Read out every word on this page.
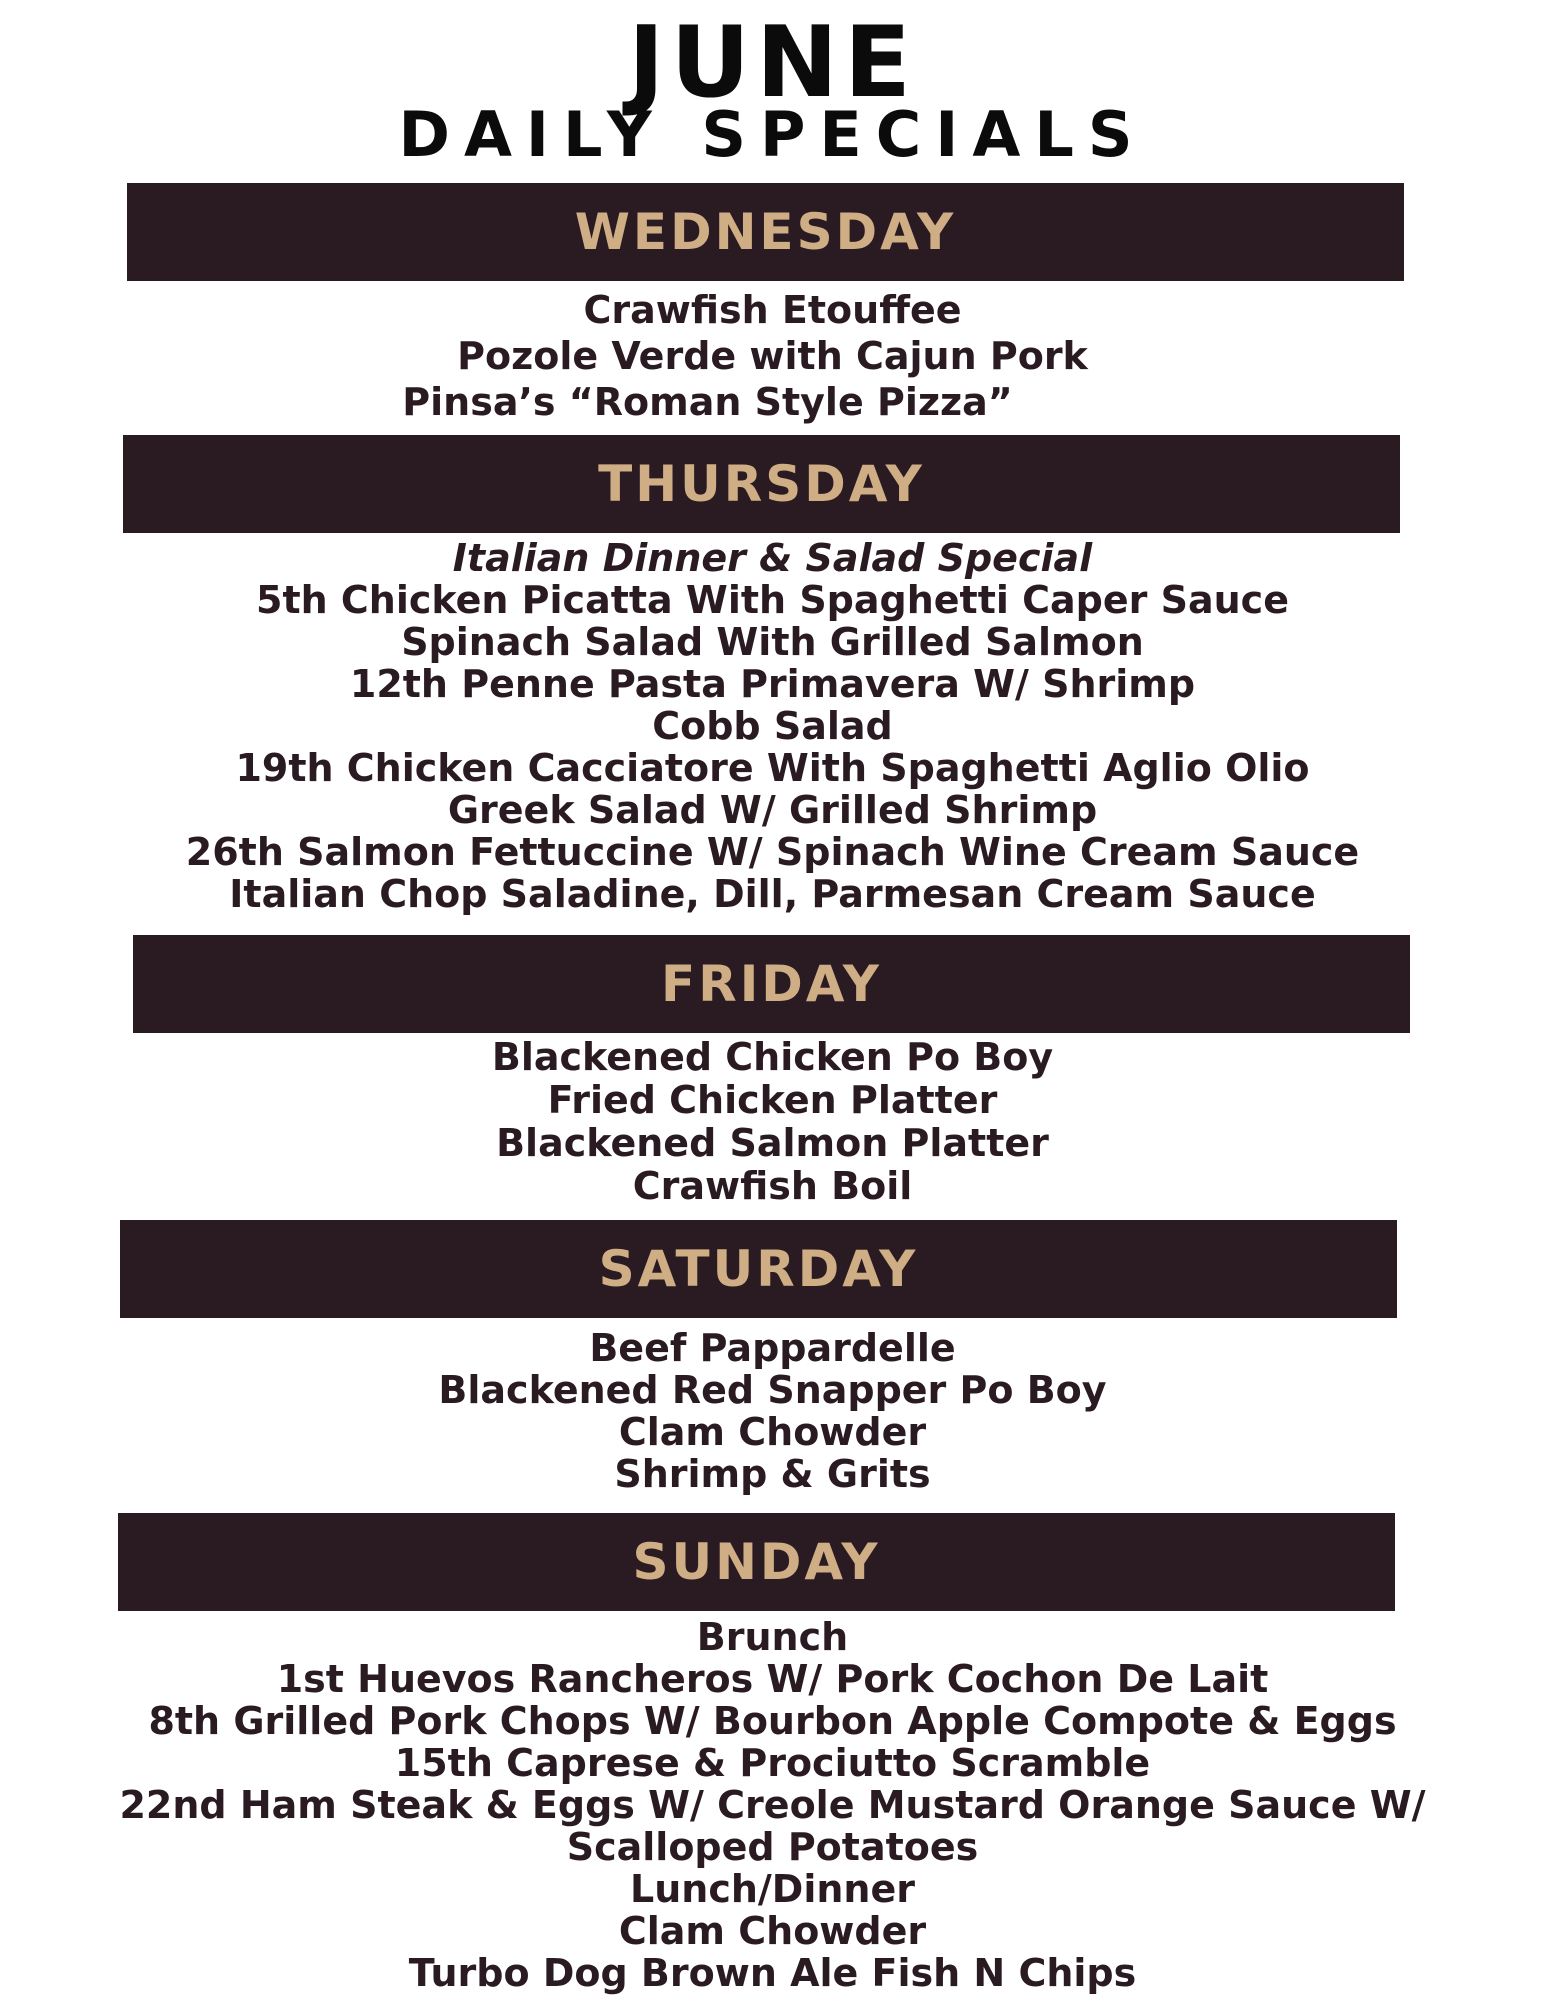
JUNE
DAILY SPECIALS
WEDNESDAY
Crawfish Etouffee
Pozole Verde with Cajun Pork
Pinsa’s “Roman Style Pizza”
THURSDAY
Italian Dinner & Salad Special
5th Chicken Picatta With Spaghetti Caper Sauce
Spinach Salad With Grilled Salmon
12th Penne Pasta Primavera W/ Shrimp
Cobb Salad
19th Chicken Cacciatore With Spaghetti Aglio Olio
Greek Salad W/ Grilled Shrimp
26th Salmon Fettuccine W/ Spinach Wine Cream Sauce
Italian Chop Saladine, Dill, Parmesan Cream Sauce
FRIDAY
Blackened Chicken Po Boy
Fried Chicken Platter
Blackened Salmon Platter
Crawfish Boil
SATURDAY
Beef Pappardelle
Blackened Red Snapper Po Boy
Clam Chowder
Shrimp & Grits
SUNDAY
Brunch
1st Huevos Rancheros W/ Pork Cochon De Lait
8th Grilled Pork Chops W/ Bourbon Apple Compote & Eggs
15th Caprese & Prociutto Scramble
22nd Ham Steak & Eggs W/ Creole Mustard Orange Sauce W/
Scalloped Potatoes
Lunch/Dinner
Clam Chowder
Turbo Dog Brown Ale Fish N Chips
